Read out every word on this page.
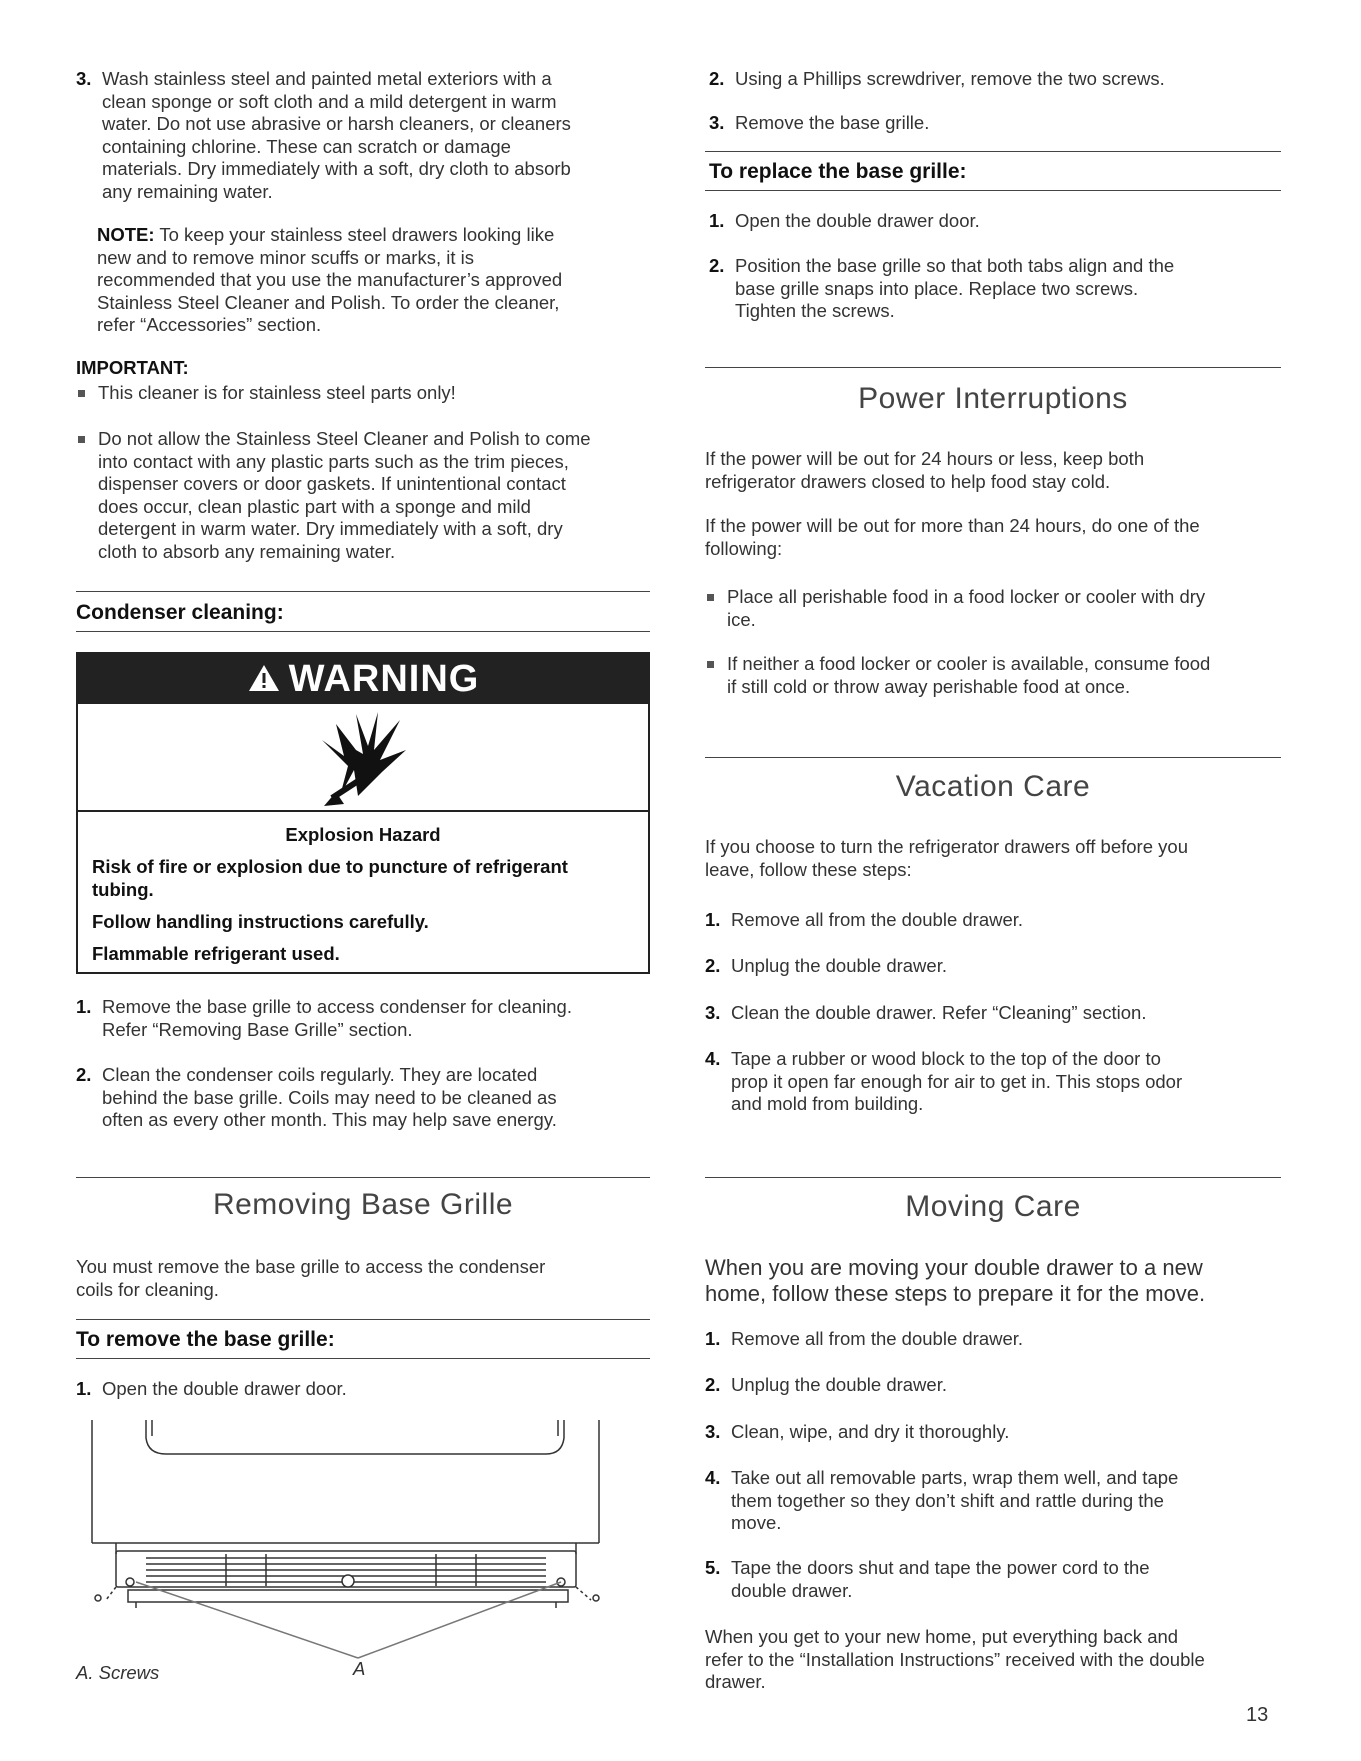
3. Wash stainless steel and painted metal exteriors with a
clean sponge or soft cloth and a mild detergent in warm
water. Do not use abrasive or harsh cleaners, or cleaners
containing chlorine. These can scratch or damage
materials. Dry immediately with a soft, dry cloth to absorb
any remaining water.
NOTE: To keep your stainless steel drawers looking like
new and to remove minor scuffs or marks, it is
recommended that you use the manufacturer’s approved
Stainless Steel Cleaner and Polish. To order the cleaner,
refer “Accessories” section.
IMPORTANT:
This cleaner is for stainless steel parts only!
Do not allow the Stainless Steel Cleaner and Polish to come
into contact with any plastic parts such as the trim pieces,
dispenser covers or door gaskets. If unintentional contact
does occur, clean plastic part with a sponge and mild
detergent in warm water. Dry immediately with a soft, dry
cloth to absorb any remaining water.
Condenser cleaning:
WARNING
Explosion Hazard
Risk of fire or explosion due to puncture of refrigerant
tubing.
Follow handling instructions carefully.
Flammable refrigerant used.
1. Remove the base grille to access condenser for cleaning.
Refer “Removing Base Grille” section.
2. Clean the condenser coils regularly. They are located
behind the base grille. Coils may need to be cleaned as
often as every other month. This may help save energy.
Removing Base Grille
You must remove the base grille to access the condenser
coils for cleaning.
To remove the base grille:
1. Open the double drawer door.
A. Screws	A
2. Using a Phillips screwdriver, remove the two screws.
3. Remove the base grille.
To replace the base grille:
1. Open the double drawer door.
2. Position the base grille so that both tabs align and the
base grille snaps into place. Replace two screws.
Tighten the screws.
Power Interruptions
If the power will be out for 24 hours or less, keep both
refrigerator drawers closed to help food stay cold.
If the power will be out for more than 24 hours, do one of the
following:
Place all perishable food in a food locker or cooler with dry
ice.
If neither a food locker or cooler is available, consume food
if still cold or throw away perishable food at once.
Vacation Care
If you choose to turn the refrigerator drawers off before you
leave, follow these steps:
1. Remove all from the double drawer.
2. Unplug the double drawer.
3. Clean the double drawer. Refer “Cleaning” section.
4. Tape a rubber or wood block to the top of the door to
prop it open far enough for air to get in. This stops odor
and mold from building.
Moving Care
When you are moving your double drawer to a new
home, follow these steps to prepare it for the move.
1. Remove all from the double drawer.
2. Unplug the double drawer.
3. Clean, wipe, and dry it thoroughly.
4. Take out all removable parts, wrap them well, and tape
them together so they don’t shift and rattle during the
move.
5. Tape the doors shut and tape the power cord to the
double drawer.
When you get to your new home, put everything back and
refer to the “Installation Instructions” received with the double
drawer.
13
